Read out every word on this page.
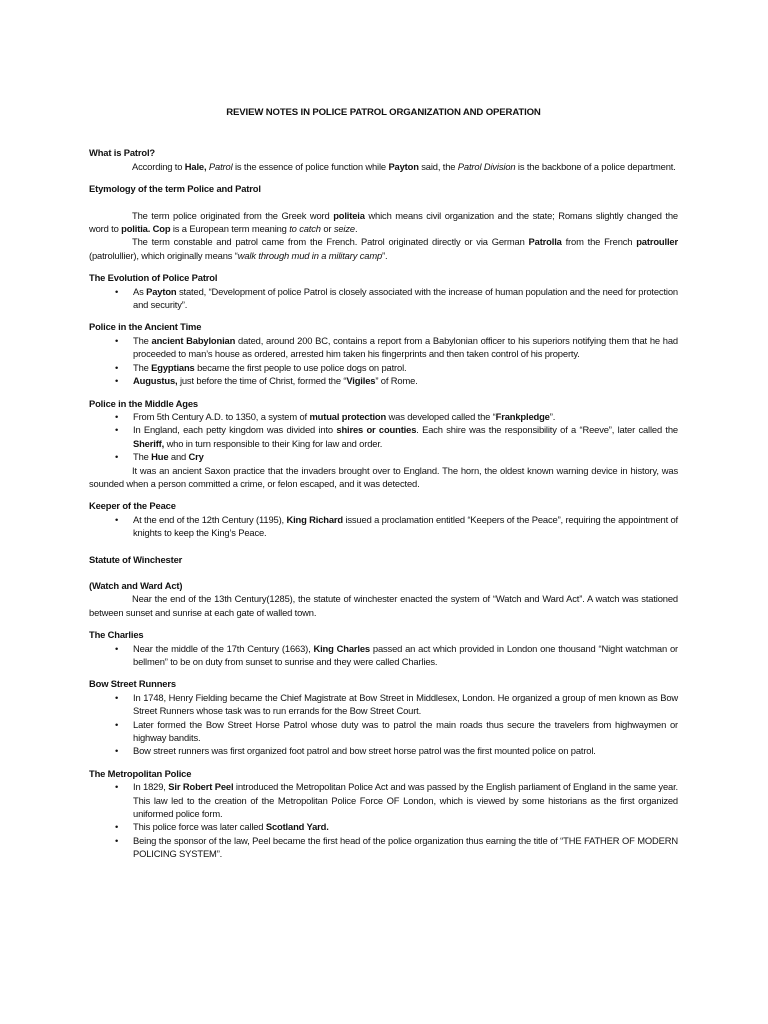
REVIEW NOTES IN POLICE PATROL ORGANIZATION AND OPERATION
What is Patrol?

According to Hale, Patrol is the essence of police function while Payton said, the Patrol Division is the backbone of a police department.

Etymology of the term Police and Patrol

The term police originated from the Greek word politeia which means civil organization and the state; Romans slightly changed the word to politia. Cop is a European term meaning to catch or seize.

The term constable and patrol came from the French. Patrol originated directly or via German Patrolla from the French patrouller (patrolullier), which originally means “walk through mud in a military camp”.

The Evolution of Police Patrol
• As Payton stated, “Development of police Patrol is closely associated with the increase of human population and the need for protection and security”.
Police in the Ancient Time
• The ancient Babylonian dated, around 200 BC, contains a report from a Babylonian officer to his superiors notifying them that he had proceeded to man’s house as ordered, arrested him taken his fingerprints and then taken control of his property.
• The Egyptians became the first people to use police dogs on patrol.
• Augustus, just before the time of Christ, formed the “Vigiles” of Rome.
Police in the Middle Ages
• From 5th Century A.D. to 1350, a system of mutual protection was developed called the “Frankpledge”.
• In England, each petty kingdom was divided into shires or counties. Each shire was the responsibility of a “Reeve”, later called the Sheriff, who in turn responsible to their King for law and order.
• The Hue and Cry

It was an ancient Saxon practice that the invaders brought over to England. The horn, the oldest known warning device in history, was sounded when a person committed a crime, or felon escaped, and it was detected.

Keeper of the Peace
• At the end of the 12th Century (1195), King Richard issued a proclamation entitled “Keepers of the Peace”, requiring the appointment of knights to keep the King’s Peace.
Statute of Winchester
(Watch and Ward Act)

Near the end of the 13th Century(1285), the statute of winchester enacted the system of “Watch and Ward Act”. A watch was stationed between sunset and sunrise at each gate of walled town.

The Charlies
• Near the middle of the 17th Century (1663), King Charles passed an act which provided in London one thousand “Night watchman or bellmen” to be on duty from sunset to sunrise and they were called Charlies.
Bow Street Runners
• In 1748, Henry Fielding became the Chief Magistrate at Bow Street in Middlesex, London. He organized a group of men known as Bow Street Runners whose task was to run errands for the Bow Street Court.
• Later formed the Bow Street Horse Patrol whose duty was to patrol the main roads thus secure the travelers from highwaymen or highway bandits.
• Bow street runners was first organized foot patrol and bow street horse patrol was the first mounted police on patrol.
The Metropolitan Police
• In 1829, Sir Robert Peel introduced the Metropolitan Police Act and was passed by the English parliament of England in the same year. This law led to the creation of the Metropolitan Police Force OF London, which is viewed by some historians as the first organized uniformed police form.
• This police force was later called Scotland Yard.
• Being the sponsor of the law, Peel became the first head of the police organization thus earning the title of “THE FATHER OF MODERN POLICING SYSTEM”.
